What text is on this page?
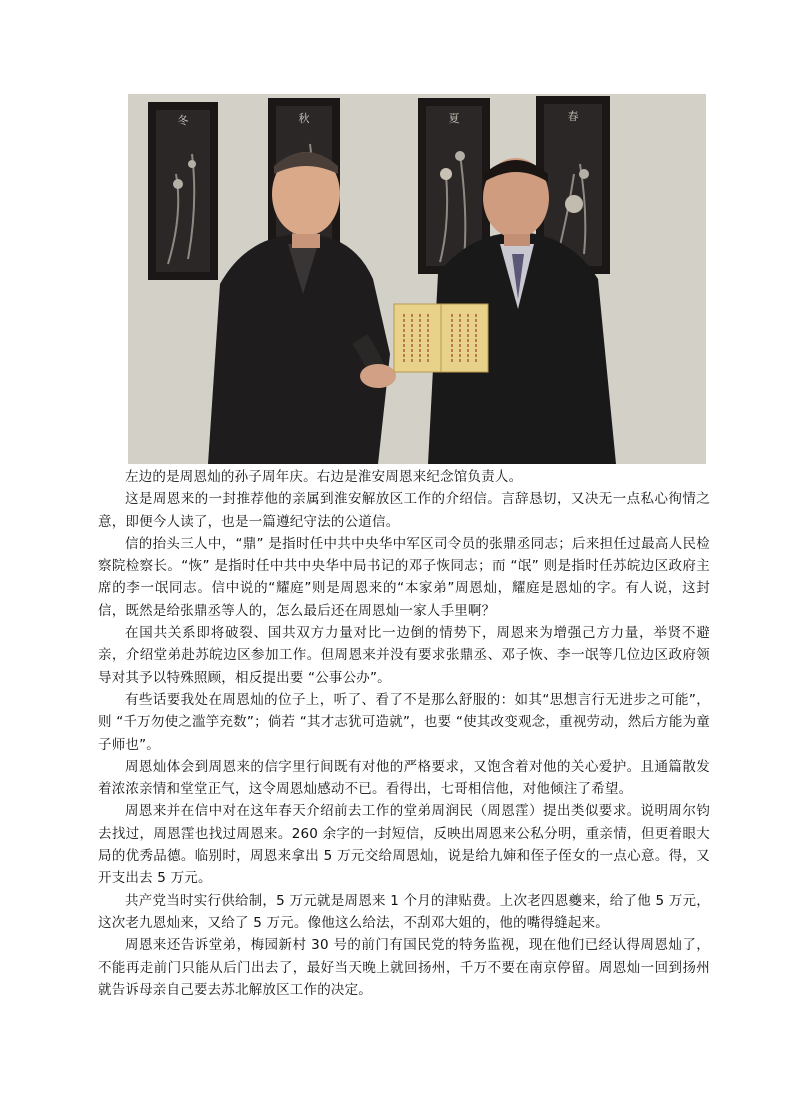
冬	秋	夏	春

左边的是周恩灿的孙子周年庆。右边是淮安周恩来纪念馆负责人。

这是周恩来的一封推荐他的亲属到淮安解放区工作的介绍信。言辞恳切，又决无一点私心徇情之意，即便今人读了，也是一篇遵纪守法的公道信。

信的抬头三人中，“鼎” 是指时任中共中央华中军区司令员的张鼎丞同志；后来担任过最高人民检察院检察长。“恢” 是指时任中共中央华中局书记的邓子恢同志；而 “氓” 则是指时任苏皖边区政府主席的李一氓同志。信中说的“耀庭”则是周恩来的“本家弟”周恩灿，耀庭是恩灿的字。有人说，这封信，既然是给张鼎丞等人的，怎么最后还在周恩灿一家人手里啊？

在国共关系即将破裂、国共双方力量对比一边倒的情势下，周恩来为增强己方力量，举贤不避亲，介绍堂弟赴苏皖边区参加工作。但周恩来并没有要求张鼎丞、邓子恢、李一氓等几位边区政府领导对其予以特殊照顾，相反提出要 “公事公办”。

有些话要我处在周恩灿的位子上，听了、看了不是那么舒服的：如其“思想言行无进步之可能”，则 “千万勿使之滥竽充数”；倘若 “其才志犹可造就”，也要 “使其改变观念，重视劳动，然后方能为童子师也”。

周恩灿体会到周恩来的信字里行间既有对他的严格要求，又饱含着对他的关心爱护。且通篇散发着浓浓亲情和堂堂正气，这令周恩灿感动不已。看得出，七哥相信他，对他倾注了希望。

周恩来并在信中对在这年春天介绍前去工作的堂弟周润民（周恩霔）提出类似要求。说明周尔钧去找过，周恩霔也找过周恩来。260 余字的一封短信，反映出周恩来公私分明，重亲情，但更着眼大局的优秀品德。临别时，周恩来拿出 5 万元交给周恩灿，说是给九婶和侄子侄女的一点心意。得，又开支出去 5 万元。

共产党当时实行供给制，5 万元就是周恩来 1 个月的津贴费。上次老四恩夔来，给了他 5 万元，这次老九恩灿来，又给了 5 万元。像他这么给法，不刮邓大姐的，他的嘴得缝起来。

周恩来还告诉堂弟，梅园新村 30 号的前门有国民党的特务监视，现在他们已经认得周恩灿了，不能再走前门只能从后门出去了，最好当天晚上就回扬州，千万不要在南京停留。周恩灿一回到扬州就告诉母亲自己要去苏北解放区工作的决定。
